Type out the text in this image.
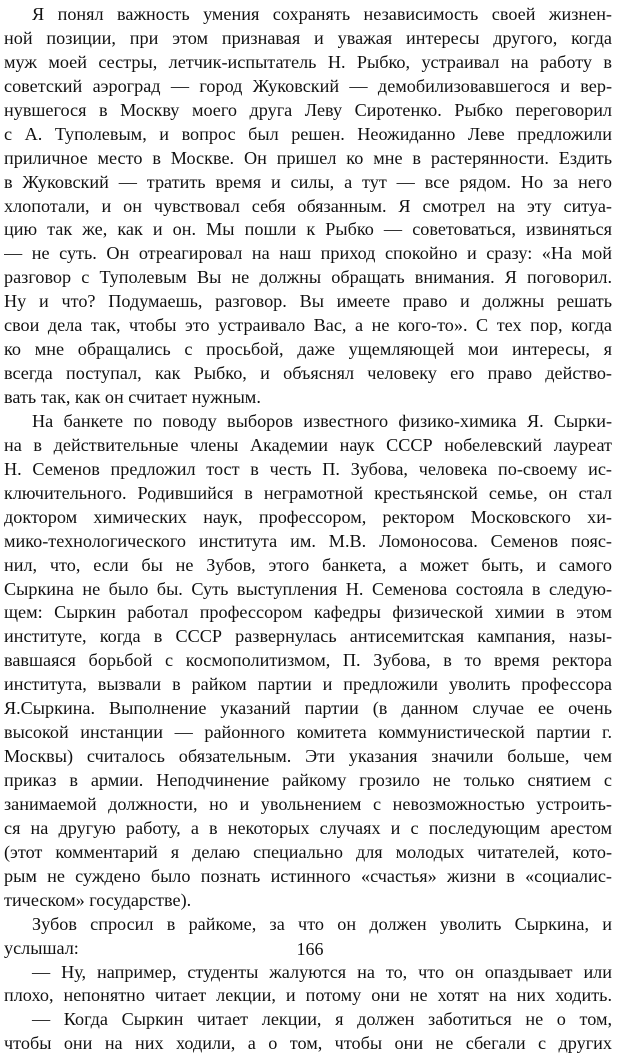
Я понял важность умения сохранять независимость своей жизнен-
ной позиции, при этом признавая и уважая интересы другого, когда
муж моей сестры, летчик-испытатель Н. Рыбко, устраивал на работу в
советский аэроград — город Жуковский — демобилизовавшегося и вер-
нувшегося в Москву моего друга Леву Сиротенко. Рыбко переговорил
с А. Туполевым, и вопрос был решен. Неожиданно Леве предложили
приличное место в Москве. Он пришел ко мне в растерянности. Ездить
в Жуковский — тратить время и силы, а тут — все рядом. Но за него
хлопотали, и он чувствовал себя обязанным. Я смотрел на эту ситуа-
цию так же, как и он. Мы пошли к Рыбко — советоваться, извиняться
— не суть. Он отреагировал на наш приход спокойно и сразу: «На мой
разговор с Туполевым Вы не должны обращать внимания. Я поговорил.
Ну и что? Подумаешь, разговор. Вы имеете право и должны решать
свои дела так, чтобы это устраивало Вас, а не кого-то». С тех пор, когда
ко мне обращались с просьбой, даже ущемляющей мои интересы, я
всегда поступал, как Рыбко, и объяснял человеку его право действо-
вать так, как он считает нужным.
На банкете по поводу выборов известного физико-химика Я. Сырки-
на в действительные члены Академии наук СССР нобелевский лауреат
Н. Семенов предложил тост в честь П. Зубова, человека по-своему ис-
ключительного. Родившийся в неграмотной крестьянской семье, он стал
доктором химических наук, профессором, ректором Московского хи-
мико-технологического института им. М.В. Ломоносова. Семенов пояс-
нил, что, если бы не Зубов, этого банкета, а может быть, и самого
Сыркина не было бы. Суть выступления Н. Семенова состояла в следую-
щем: Сыркин работал профессором кафедры физической химии в этом
институте, когда в СССР развернулась антисемитская кампания, назы-
вавшаяся борьбой с космополитизмом, П. Зубова, в то время ректора
института, вызвали в райком партии и предложили уволить профессора
Я.Сыркина. Выполнение указаний партии (в данном случае ее очень
высокой инстанции — районного комитета коммунистической партии г.
Москвы) считалось обязательным. Эти указания значили больше, чем
приказ в армии. Неподчинение райкому грозило не только снятием с
занимаемой должности, но и увольнением с невозможностью устроить-
ся на другую работу, а в некоторых случаях и с последующим арестом
(этот комментарий я делаю специально для молодых читателей, кото-
рым не суждено было познать истинного «счастья» жизни в «социалис-
тическом» государстве).
Зубов спросил в райкоме, за что он должен уволить Сыркина, и
услышал:
— Ну, например, студенты жалуются на то, что он опаздывает или
плохо, непонятно читает лекции, и потому они не хотят на них ходить.
— Когда Сыркин читает лекции, я должен заботиться не о том,
чтобы они на них ходили, а о том, чтобы они не сбегали с других
166
